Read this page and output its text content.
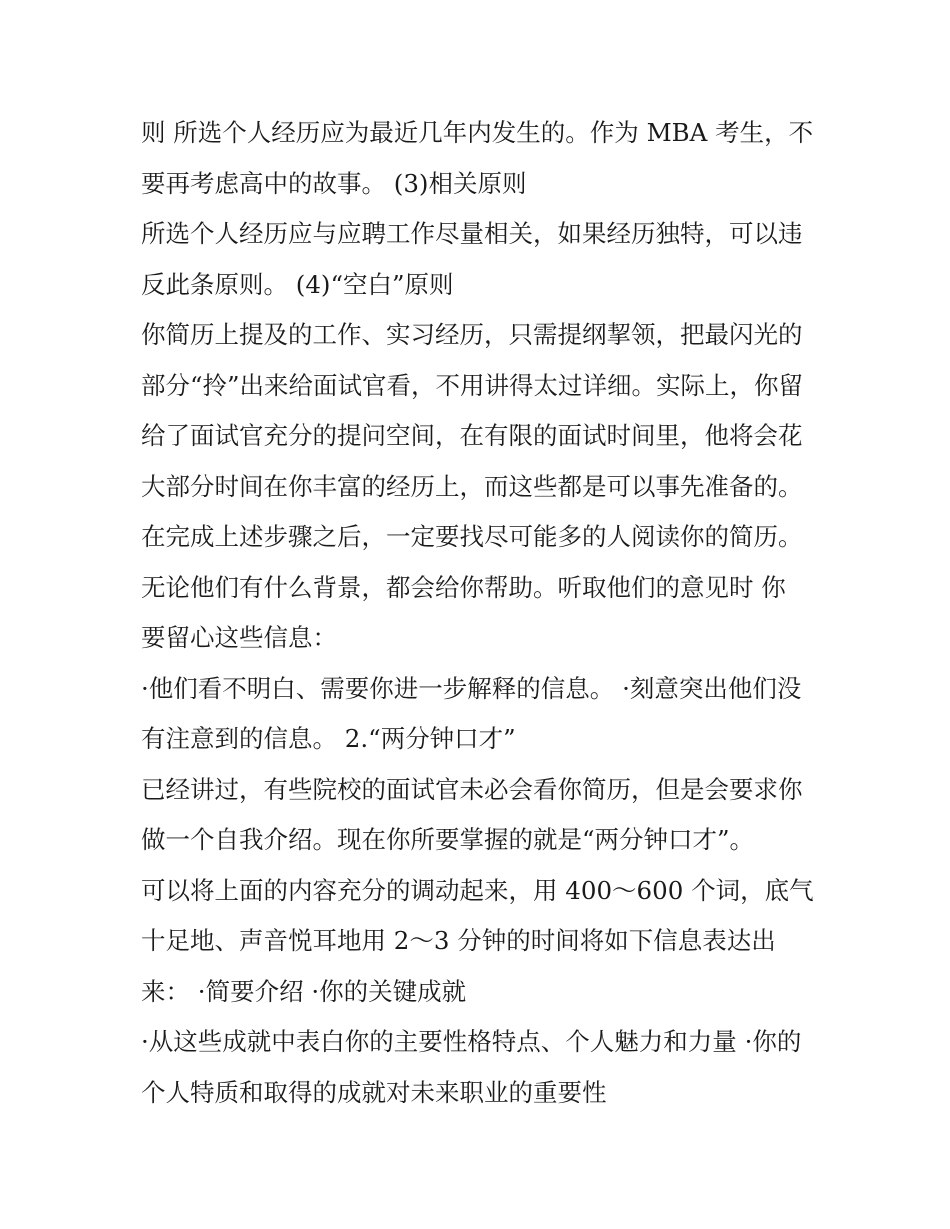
则 所选个人经历应为最近几年内发生的。作为 MBA 考生，不
要再考虑高中的故事。 (3)相关原则
所选个人经历应与应聘工作尽量相关，如果经历独特，可以违
反此条原则。 (4)“空白”原则
你简历上提及的工作、实习经历，只需提纲挈领，把最闪光的
部分“拎”出来给面试官看，不用讲得太过详细。实际上，你留
给了面试官充分的提问空间，在有限的面试时间里，他将会花
大部分时间在你丰富的经历上，而这些都是可以事先准备的。
在完成上述步骤之后，一定要找尽可能多的人阅读你的简历。
无论他们有什么背景，都会给你帮助。听取他们的意见时 你
要留心这些信息：
·他们看不明白、需要你进一步解释的信息。 ·刻意突出他们没
有注意到的信息。 2.“两分钟口才”
已经讲过，有些院校的面试官未必会看你简历，但是会要求你
做一个自我介绍。现在你所要掌握的就是“两分钟口才”。
可以将上面的内容充分的调动起来，用 400～600 个词，底气
十足地、声音悦耳地用 2～3 分钟的时间将如下信息表达出
来： ·简要介绍 ·你的关键成就
·从这些成就中表白你的主要性格特点、个人魅力和力量 ·你的
个人特质和取得的成就对未来职业的重要性
